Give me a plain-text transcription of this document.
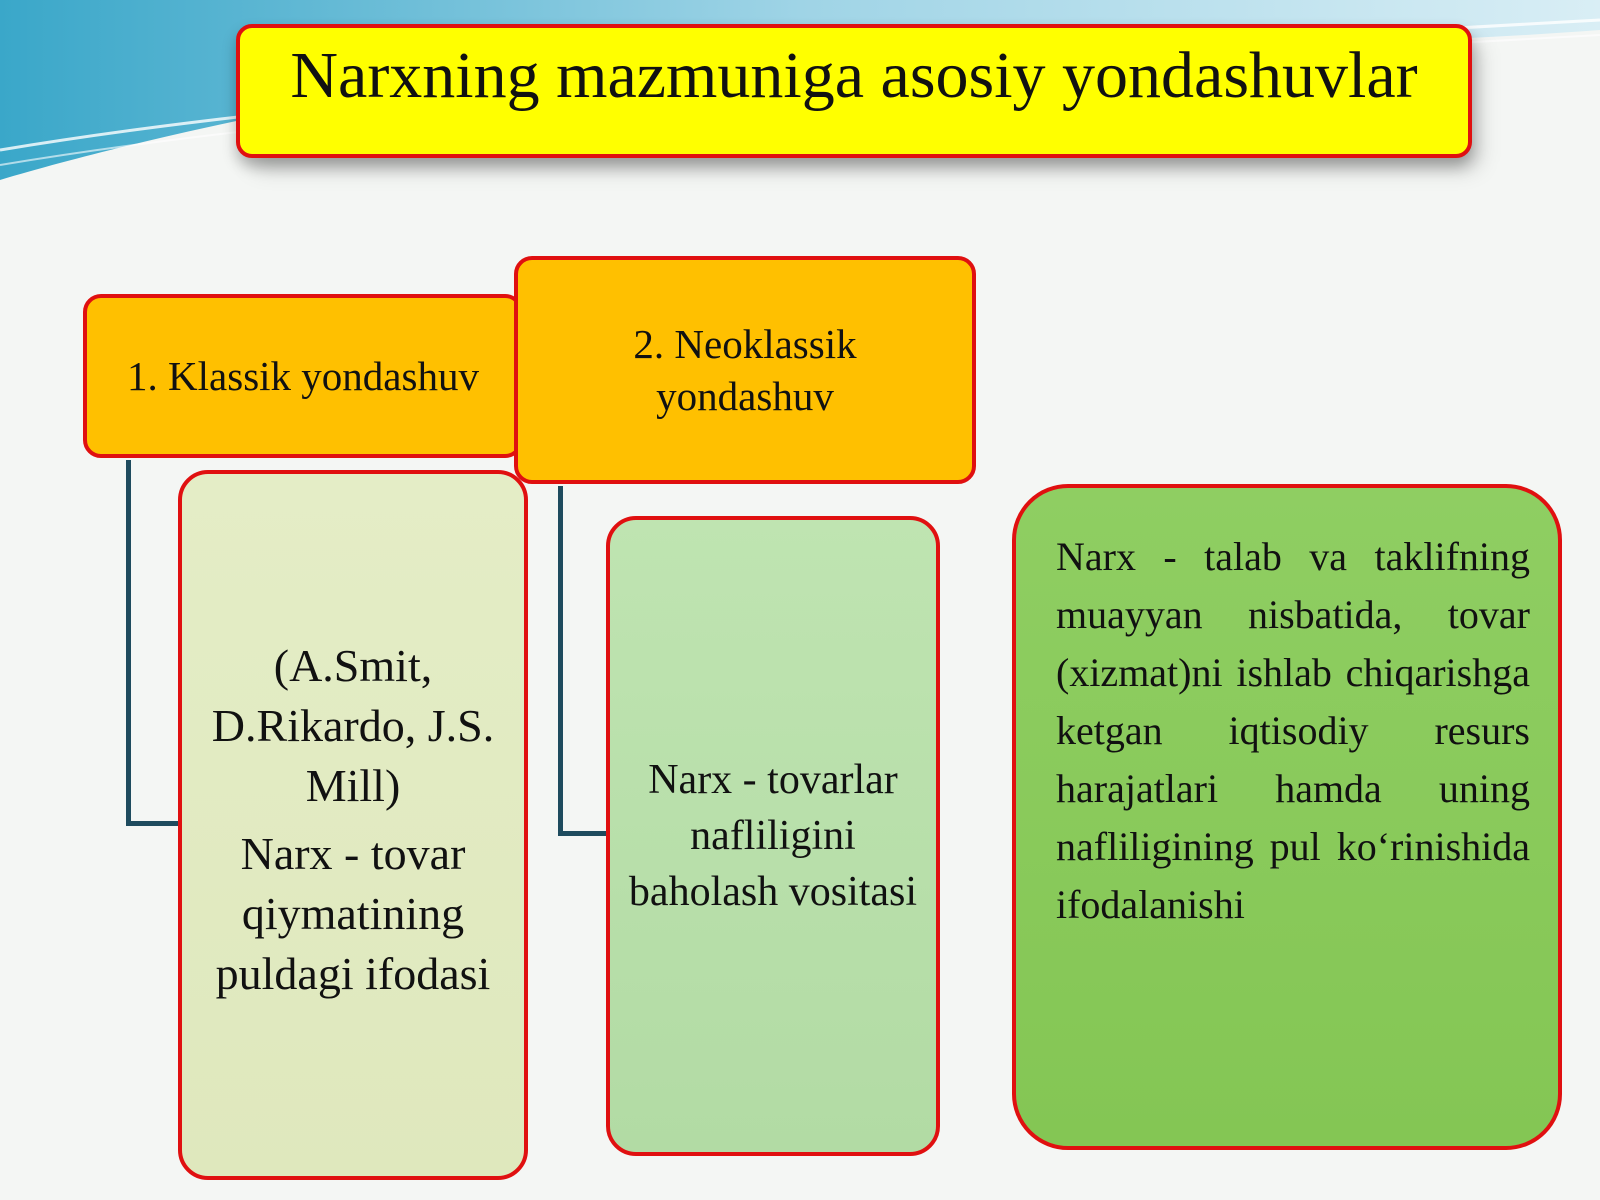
Narxning mazmuniga asosiy yondashuvlar
1. Klassik yondashuv
2. Neoklassik yondashuv

(A.Smit, D.Rikardo, J.S. Mill)

Narx - tovar qiymatining puldagi ifodasi

Narx - tovarlar nafliligini baholash vositasi
Narx - talab va taklifning muayyan nisbatida, tovar (xizmat)ni ishlab chiqarishga ketgan iqtisodiy resurs harajatlari hamda uning nafliligining pul ko‘rinishida ifodalanishi
